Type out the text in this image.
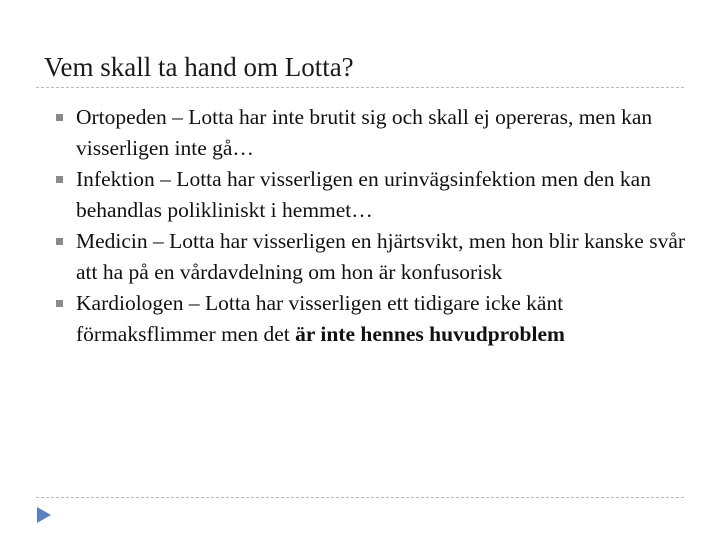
Vem skall ta hand om Lotta?
Ortopeden – Lotta har inte brutit sig och skall ej opereras, men kan visserligen inte gå…
Infektion – Lotta har visserligen en urinvägsinfektion men den kan behandlas polikliniskt i hemmet…
Medicin – Lotta har visserligen en hjärtsvikt, men hon blir kanske svår att ha på en vårdavdelning om hon är konfusorisk
Kardiologen – Lotta har visserligen ett tidigare icke känt förmaksflimmer men det är inte hennes huvudproblem
